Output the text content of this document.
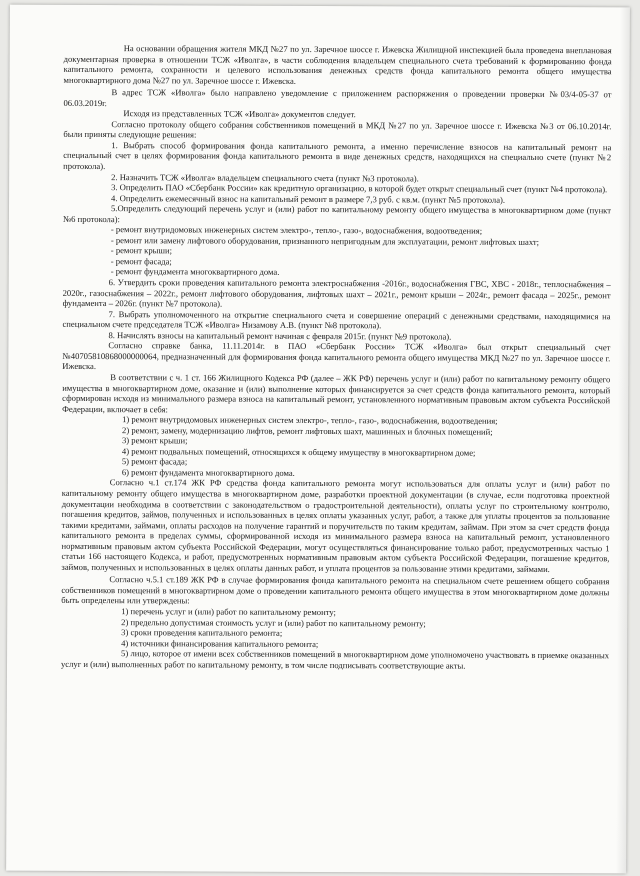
На основании обращения жителя МКД №27 по ул. Заречное шоссе г. Ижевска Жилищной инспекцией была проведена внеплановая документарная проверка в отношении ТСЖ «Иволга», в части соблюдения владельцем специального счета требований к формированию фонда капитального ремонта, сохранности и целевого использования денежных средств фонда капитального ремонта общего имущества многоквартирного дома №27 по ул. Заречное шоссе г. Ижевска.

В адрес ТСЖ «Иволга» было направлено уведомление с приложением распоряжения о проведении проверки №03/4-05-37 от 06.03.2019г.

Исходя из представленных ТСЖ «Иволга» документов следует.

Согласно протоколу общего собрания собственников помещений в МКД №27 по ул. Заречное шоссе г. Ижевска №3 от 06.10.2014г. были приняты следующие решения:

1. Выбрать способ формирования фонда капитального ремонта, а именно перечисление взносов на капитальный ремонт на специальный счет в целях формирования фонда капитального ремонта в виде денежных средств, находящихся на специально счете (пункт №2 протокола).

2. Назначить ТСЖ «Иволга» владельцем специального счета (пункт №3 протокола).

3. Определить ПАО «Сбербанк России» как кредитную организацию, в которой будет открыт специальный счет (пункт №4 протокола).

4. Определить ежемесячный взнос на капитальный ремонт в размере 7,3 руб. с кв.м. (пункт №5 протокола).

5.Определить следующий перечень услуг и (или) работ по капитальному ремонту общего имущества в многоквартирном доме (пункт №6 протокола):

- ремонт внутридомовых инженерных систем электро-, тепло-, газо-, водоснабжения, водоотведения;

- ремонт или замену лифтового оборудования, признанного непригодным для эксплуатации, ремонт лифтовых шахт;

- ремонт крыши;

- ремонт фасада;

- ремонт фундамента многоквартирного дома.

6. Утвердить сроки проведения капитального ремонта электроснабжения -2016г., водоснабжения ГВС, ХВС - 2018г., теплоснабжения – 2020г., газоснабжения – 2022г., ремонт лифтового оборудования, лифтовых шахт – 2021г., ремонт крыши – 2024г., ремонт фасада – 2025г., ремонт фундамента – 2026г. (пункт №7 протокола).

7. Выбрать уполномоченного на открытие специального счета и совершение операций с денежными средствами, находящимися на специальном счете председателя ТСЖ «Иволга» Низамову А.В. (пункт №8 протокола).

8. Начислять взносы на капитальный ремонт начиная с февраля 2015г. (пункт №9 протокола).

Согласно справке банка, 11.11.2014г. в ПАО «Сбербанк России» ТСЖ «Иволга» был открыт специальный счет №40705810868000000064, предназначенный для формирования фонда капитального ремонта общего имущества МКД №27 по ул. Заречное шоссе г. Ижевска.

В соответствии с ч. 1 ст. 166 Жилищного Кодекса РФ (далее – ЖК РФ) перечень услуг и (или) работ по капитальному ремонту общего имущества в многоквартирном доме, оказание и (или) выполнение которых финансируется за счет средств фонда капитального ремонта, который сформирован исходя из минимального размера взноса на капитальный ремонт, установленного нормативным правовым актом субъекта Российской Федерации, включает в себя:

1) ремонт внутридомовых инженерных систем электро-, тепло-, газо-, водоснабжения, водоотведения;

2) ремонт, замену, модернизацию лифтов, ремонт лифтовых шахт, машинных и блочных помещений;

3) ремонт крыши;

4) ремонт подвальных помещений, относящихся к общему имуществу в многоквартирном доме;

5) ремонт фасада;

6) ремонт фундамента многоквартирного дома.

Согласно ч.1 ст.174 ЖК РФ средства фонда капитального ремонта могут использоваться для оплаты услуг и (или) работ по капитальному ремонту общего имущества в многоквартирном доме, разработки проектной документации (в случае, если подготовка проектной документации необходима в соответствии с законодательством о градостроительной деятельности), оплаты услуг по строительному контролю, погашения кредитов, займов, полученных и использованных в целях оплаты указанных услуг, работ, а также для уплаты процентов за пользование такими кредитами, займами, оплаты расходов на получение гарантий и поручительств по таким кредитам, займам. При этом за счет средств фонда капитального ремонта в пределах суммы, сформированной исходя из минимального размера взноса на капитальный ремонт, установленного нормативным правовым актом субъекта Российской Федерации, могут осуществляться финансирование только работ, предусмотренных частью 1 статьи 166 настоящего Кодекса, и работ, предусмотренных нормативным правовым актом субъекта Российской Федерации, погашение кредитов, займов, полученных и использованных в целях оплаты данных работ, и уплата процентов за пользование этими кредитами, займами.

Согласно ч.5.1 ст.189 ЖК РФ в случае формирования фонда капитального ремонта на специальном счете решением общего собрания собственников помещений в многоквартирном доме о проведении капитального ремонта общего имущества в этом многоквартирном доме должны быть определены или утверждены:

1) перечень услуг и (или) работ по капитальному ремонту;

2) предельно допустимая стоимость услуг и (или) работ по капитальному ремонту;

3) сроки проведения капитального ремонта;

4) источники финансирования капитального ремонта;

5) лицо, которое от имени всех собственников помещений в многоквартирном доме уполномочено участвовать в приемке оказанных услуг и (или) выполненных работ по капитальному ремонту, в том числе подписывать соответствующие акты.
